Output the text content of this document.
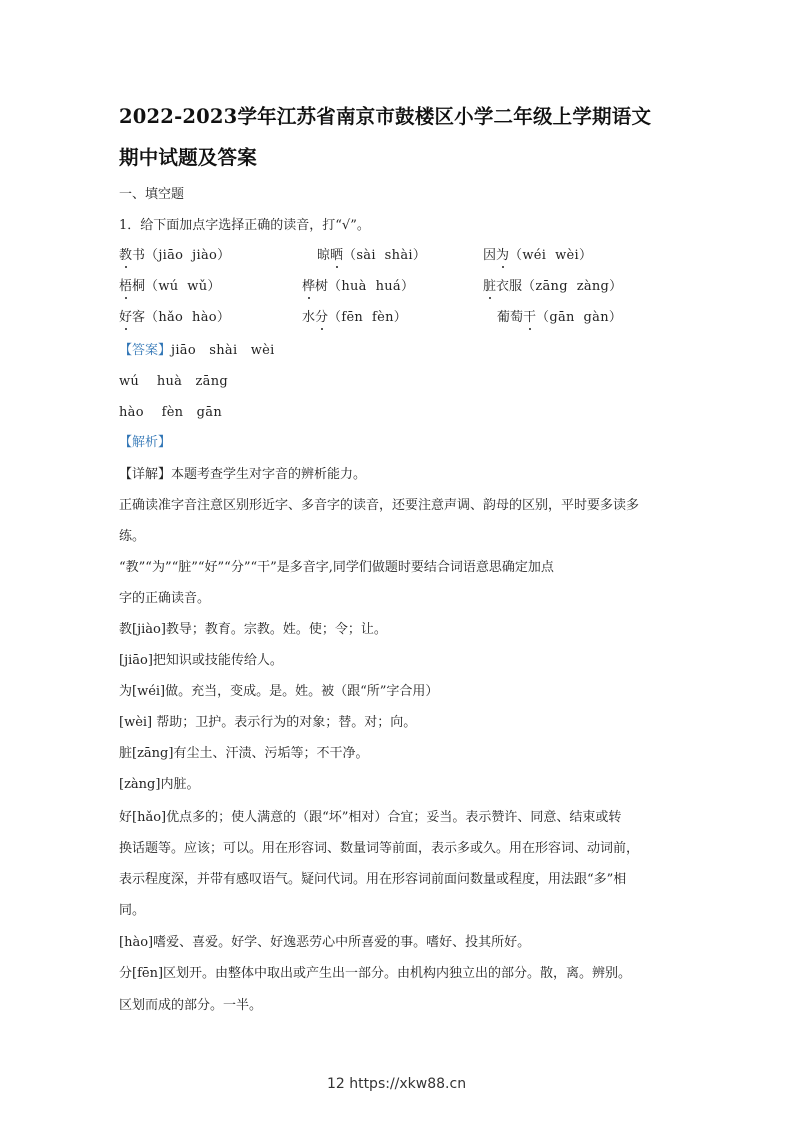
2022-2023学年江苏省南京市鼓楼区小学二年级上学期语文
期中试题及答案
一、填空题
1．给下面加点字选择正确的读音，打“√”。
教书（jiāo  jiào）	晾晒（sài  shài）	因为（wéi  wèi）
梧桐（wú  wǔ）	桦树（huà  huá）	脏衣服（zāng  zàng）
好客（hǎo  hào）	水分（fēn  fèn）	葡萄干（gān  gàn）
【答案】jiāo   shài   wèi
wú    huà   zāng
hào    fèn   gān
【解析】
【详解】本题考查学生对字音的辨析能力。
正确读准字音注意区别形近字、多音字的读音，还要注意声调、韵母的区别，平时要多读多
练。
“教”“为”“脏”“好”“分”“干”是多音字,同学们做题时要结合词语意思确定加点
字的正确读音。
教[jiào]教导；教育。宗教。姓。使；令；让。
[jiāo]把知识或技能传给人。
为[wéi]做。充当，变成。是。姓。被（跟“所”字合用）
[wèi] 帮助；卫护。表示行为的对象；替。对；向。
脏[zāng]有尘土、汗渍、污垢等；不干净。
[zàng]内脏。
好[hǎo]优点多的；使人满意的（跟“坏”相对）合宜；妥当。表示赞许、同意、结束或转
换话题等。应该；可以。用在形容词、数量词等前面，表示多或久。用在形容词、动词前，
表示程度深，并带有感叹语气。疑问代词。用在形容词前面问数量或程度，用法跟“多”相
同。
[hào]嗜爱、喜爱。好学、好逸恶劳心中所喜爱的事。嗜好、投其所好。
分[fēn]区划开。由整体中取出或产生出一部分。由机构内独立出的部分。散，离。辨别。
区划而成的部分。一半。
12 https://xkw88.cn
